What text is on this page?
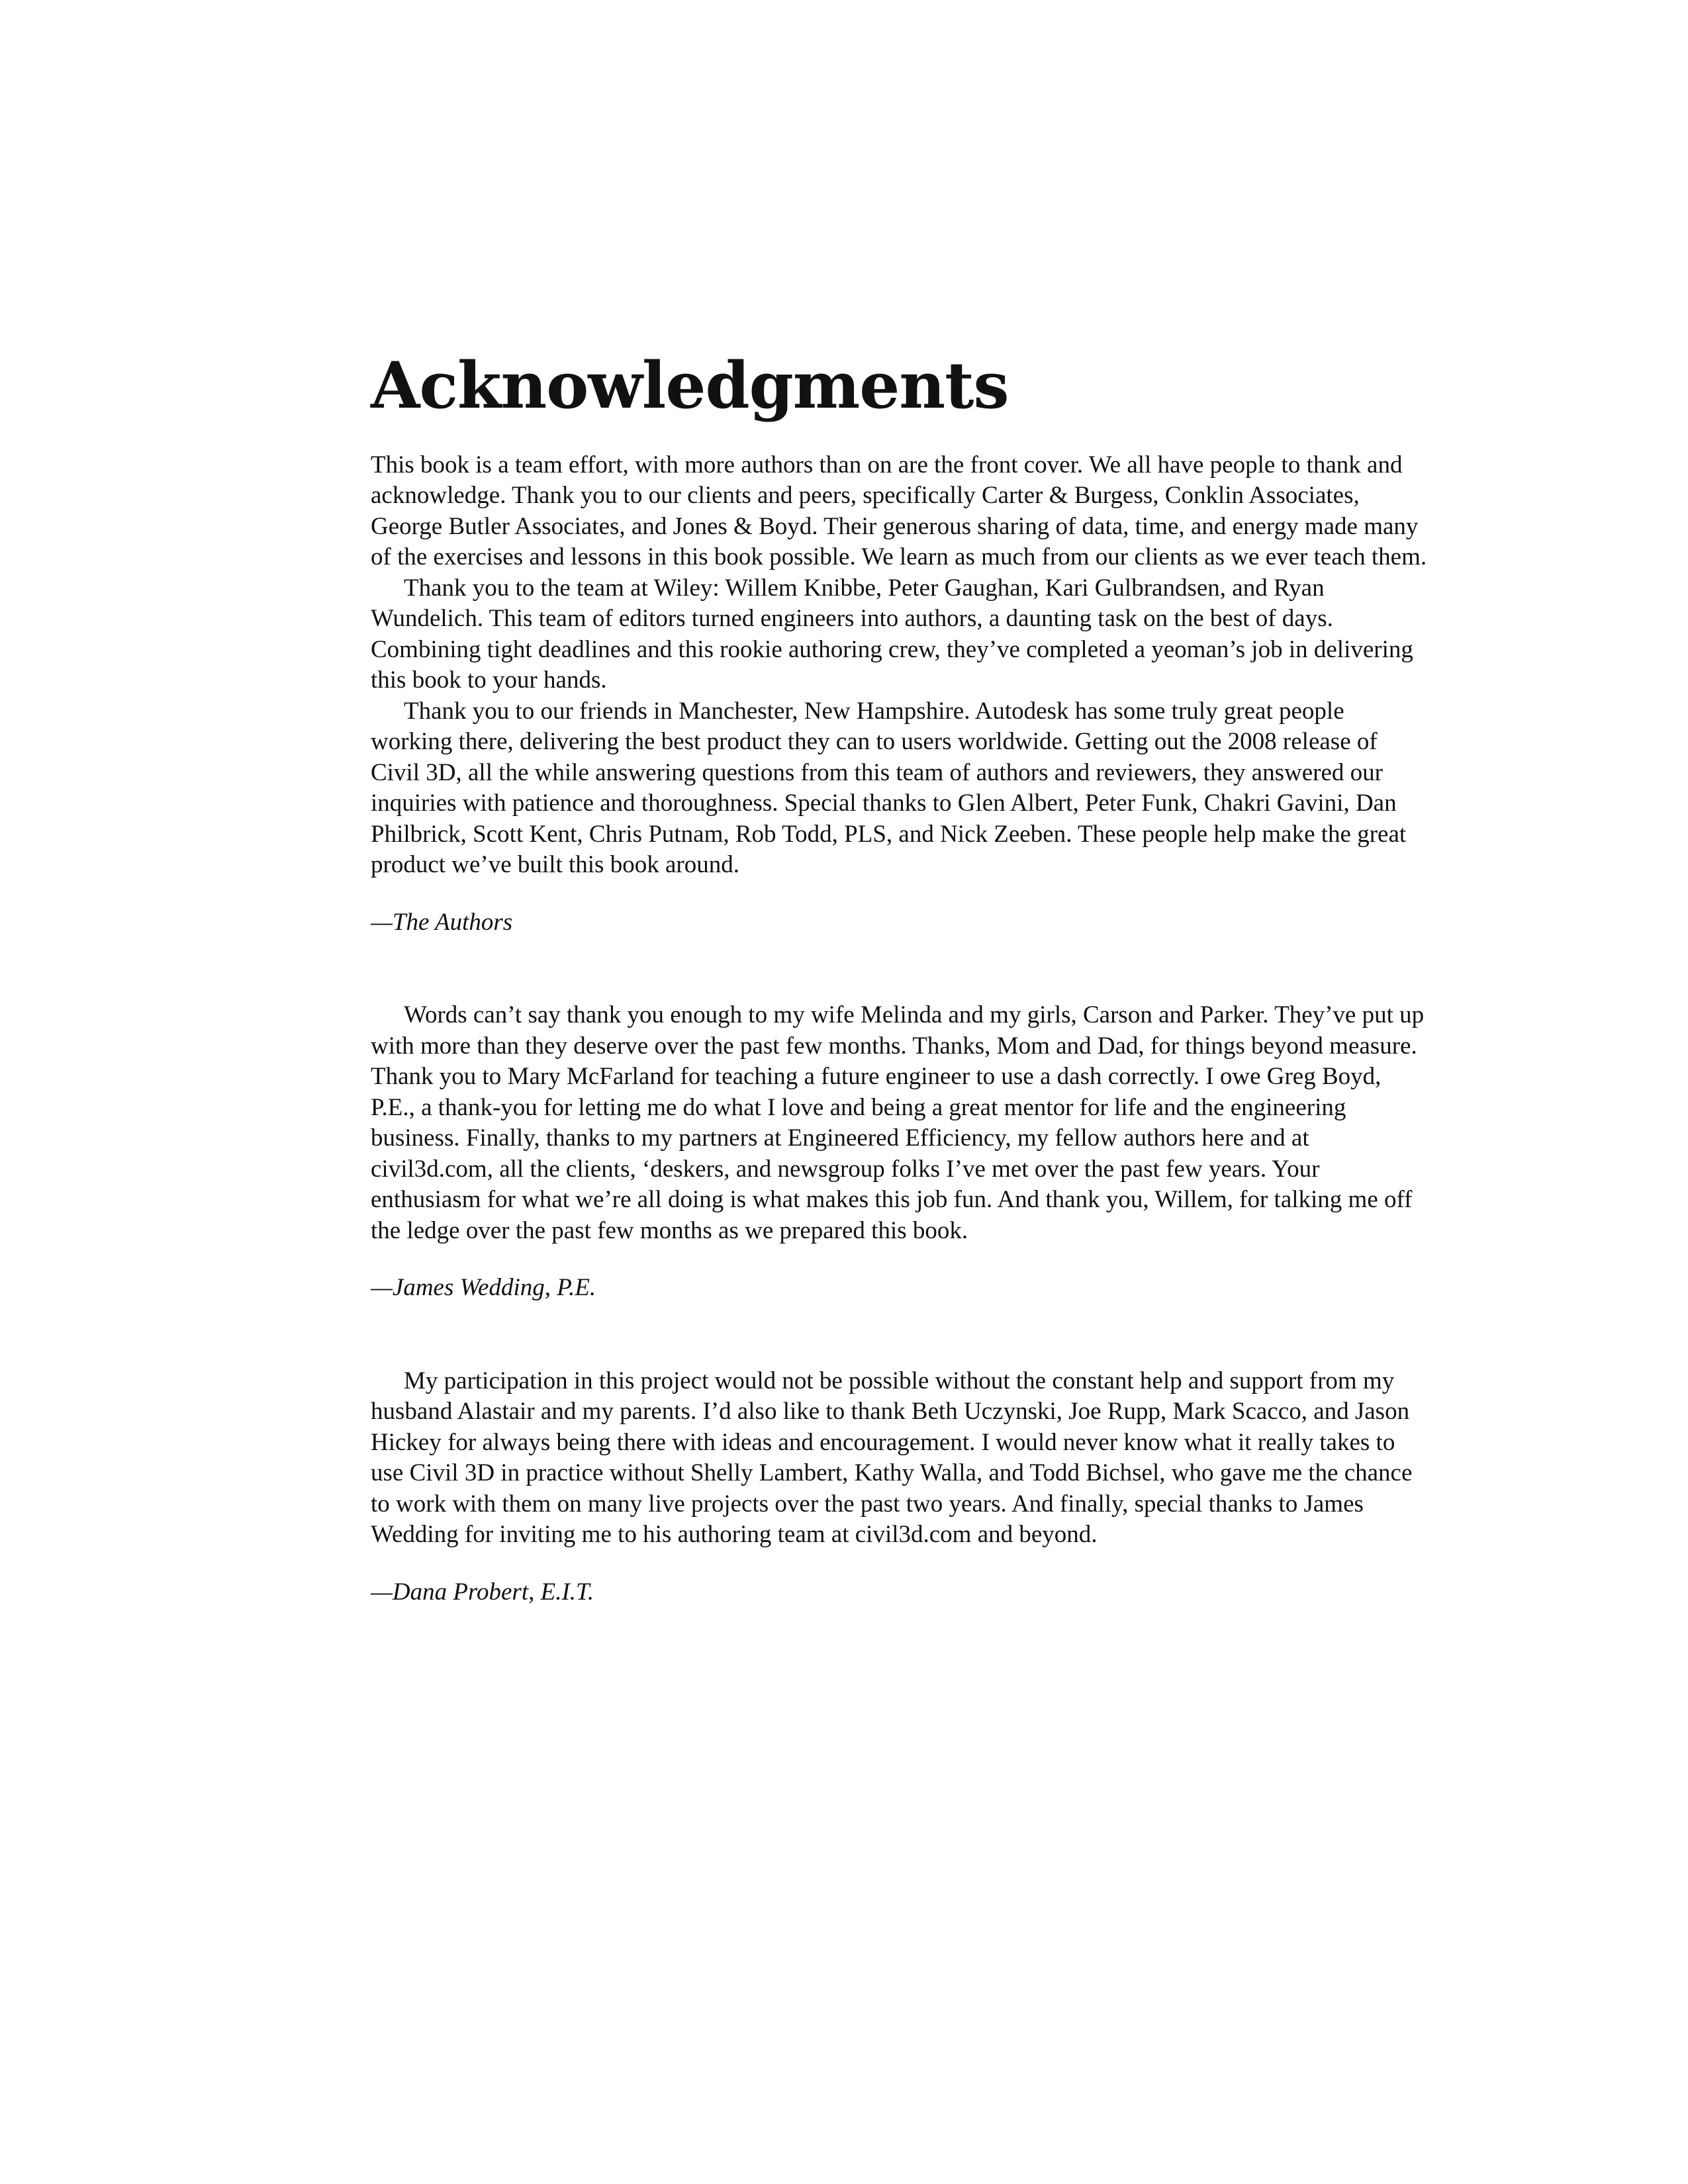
Acknowledgments

This book is a team effort, with more authors than on are the front cover. We all have people to thank and acknowledge. Thank you to our clients and peers, specifically Carter & Burgess, Conklin Associates, George Butler Associates, and Jones & Boyd. Their generous sharing of data, time, and energy made many of the exercises and lessons in this book possible. We learn as much from our clients as we ever teach them.

Thank you to the team at Wiley: Willem Knibbe, Peter Gaughan, Kari Gulbrandsen, and Ryan Wundelich. This team of editors turned engineers into authors, a daunting task on the best of days. Combining tight deadlines and this rookie authoring crew, they’ve completed a yeoman’s job in delivering this book to your hands.

Thank you to our friends in Manchester, New Hampshire. Autodesk has some truly great people working there, delivering the best product they can to users worldwide. Getting out the 2008 release of Civil 3D, all the while answering questions from this team of authors and reviewers, they answered our inquiries with patience and thoroughness. Special thanks to Glen Albert, Peter Funk, Chakri Gavini, Dan Philbrick, Scott Kent, Chris Putnam, Rob Todd, PLS, and Nick Zeeben. These people help make the great product we’ve built this book around.

—The Authors

Words can’t say thank you enough to my wife Melinda and my girls, Carson and Parker. They’ve put up with more than they deserve over the past few months. Thanks, Mom and Dad, for things beyond measure. Thank you to Mary McFarland for teaching a future engineer to use a dash correctly. I owe Greg Boyd, P.E., a thank-you for letting me do what I love and being a great mentor for life and the engineering business. Finally, thanks to my partners at Engineered Efficiency, my fellow authors here and at civil3d.com, all the clients, ‘deskers, and newsgroup folks I’ve met over the past few years. Your enthusiasm for what we’re all doing is what makes this job fun. And thank you, Willem, for talking me off the ledge over the past few months as we prepared this book.

—James Wedding, P.E.

My participation in this project would not be possible without the constant help and support from my husband Alastair and my parents. I’d also like to thank Beth Uczynski, Joe Rupp, Mark Scacco, and Jason Hickey for always being there with ideas and encouragement. I would never know what it really takes to use Civil 3D in practice without Shelly Lambert, Kathy Walla, and Todd Bichsel, who gave me the chance to work with them on many live projects over the past two years. And finally, special thanks to James Wedding for inviting me to his authoring team at civil3d.com and beyond.

—Dana Probert, E.I.T.
